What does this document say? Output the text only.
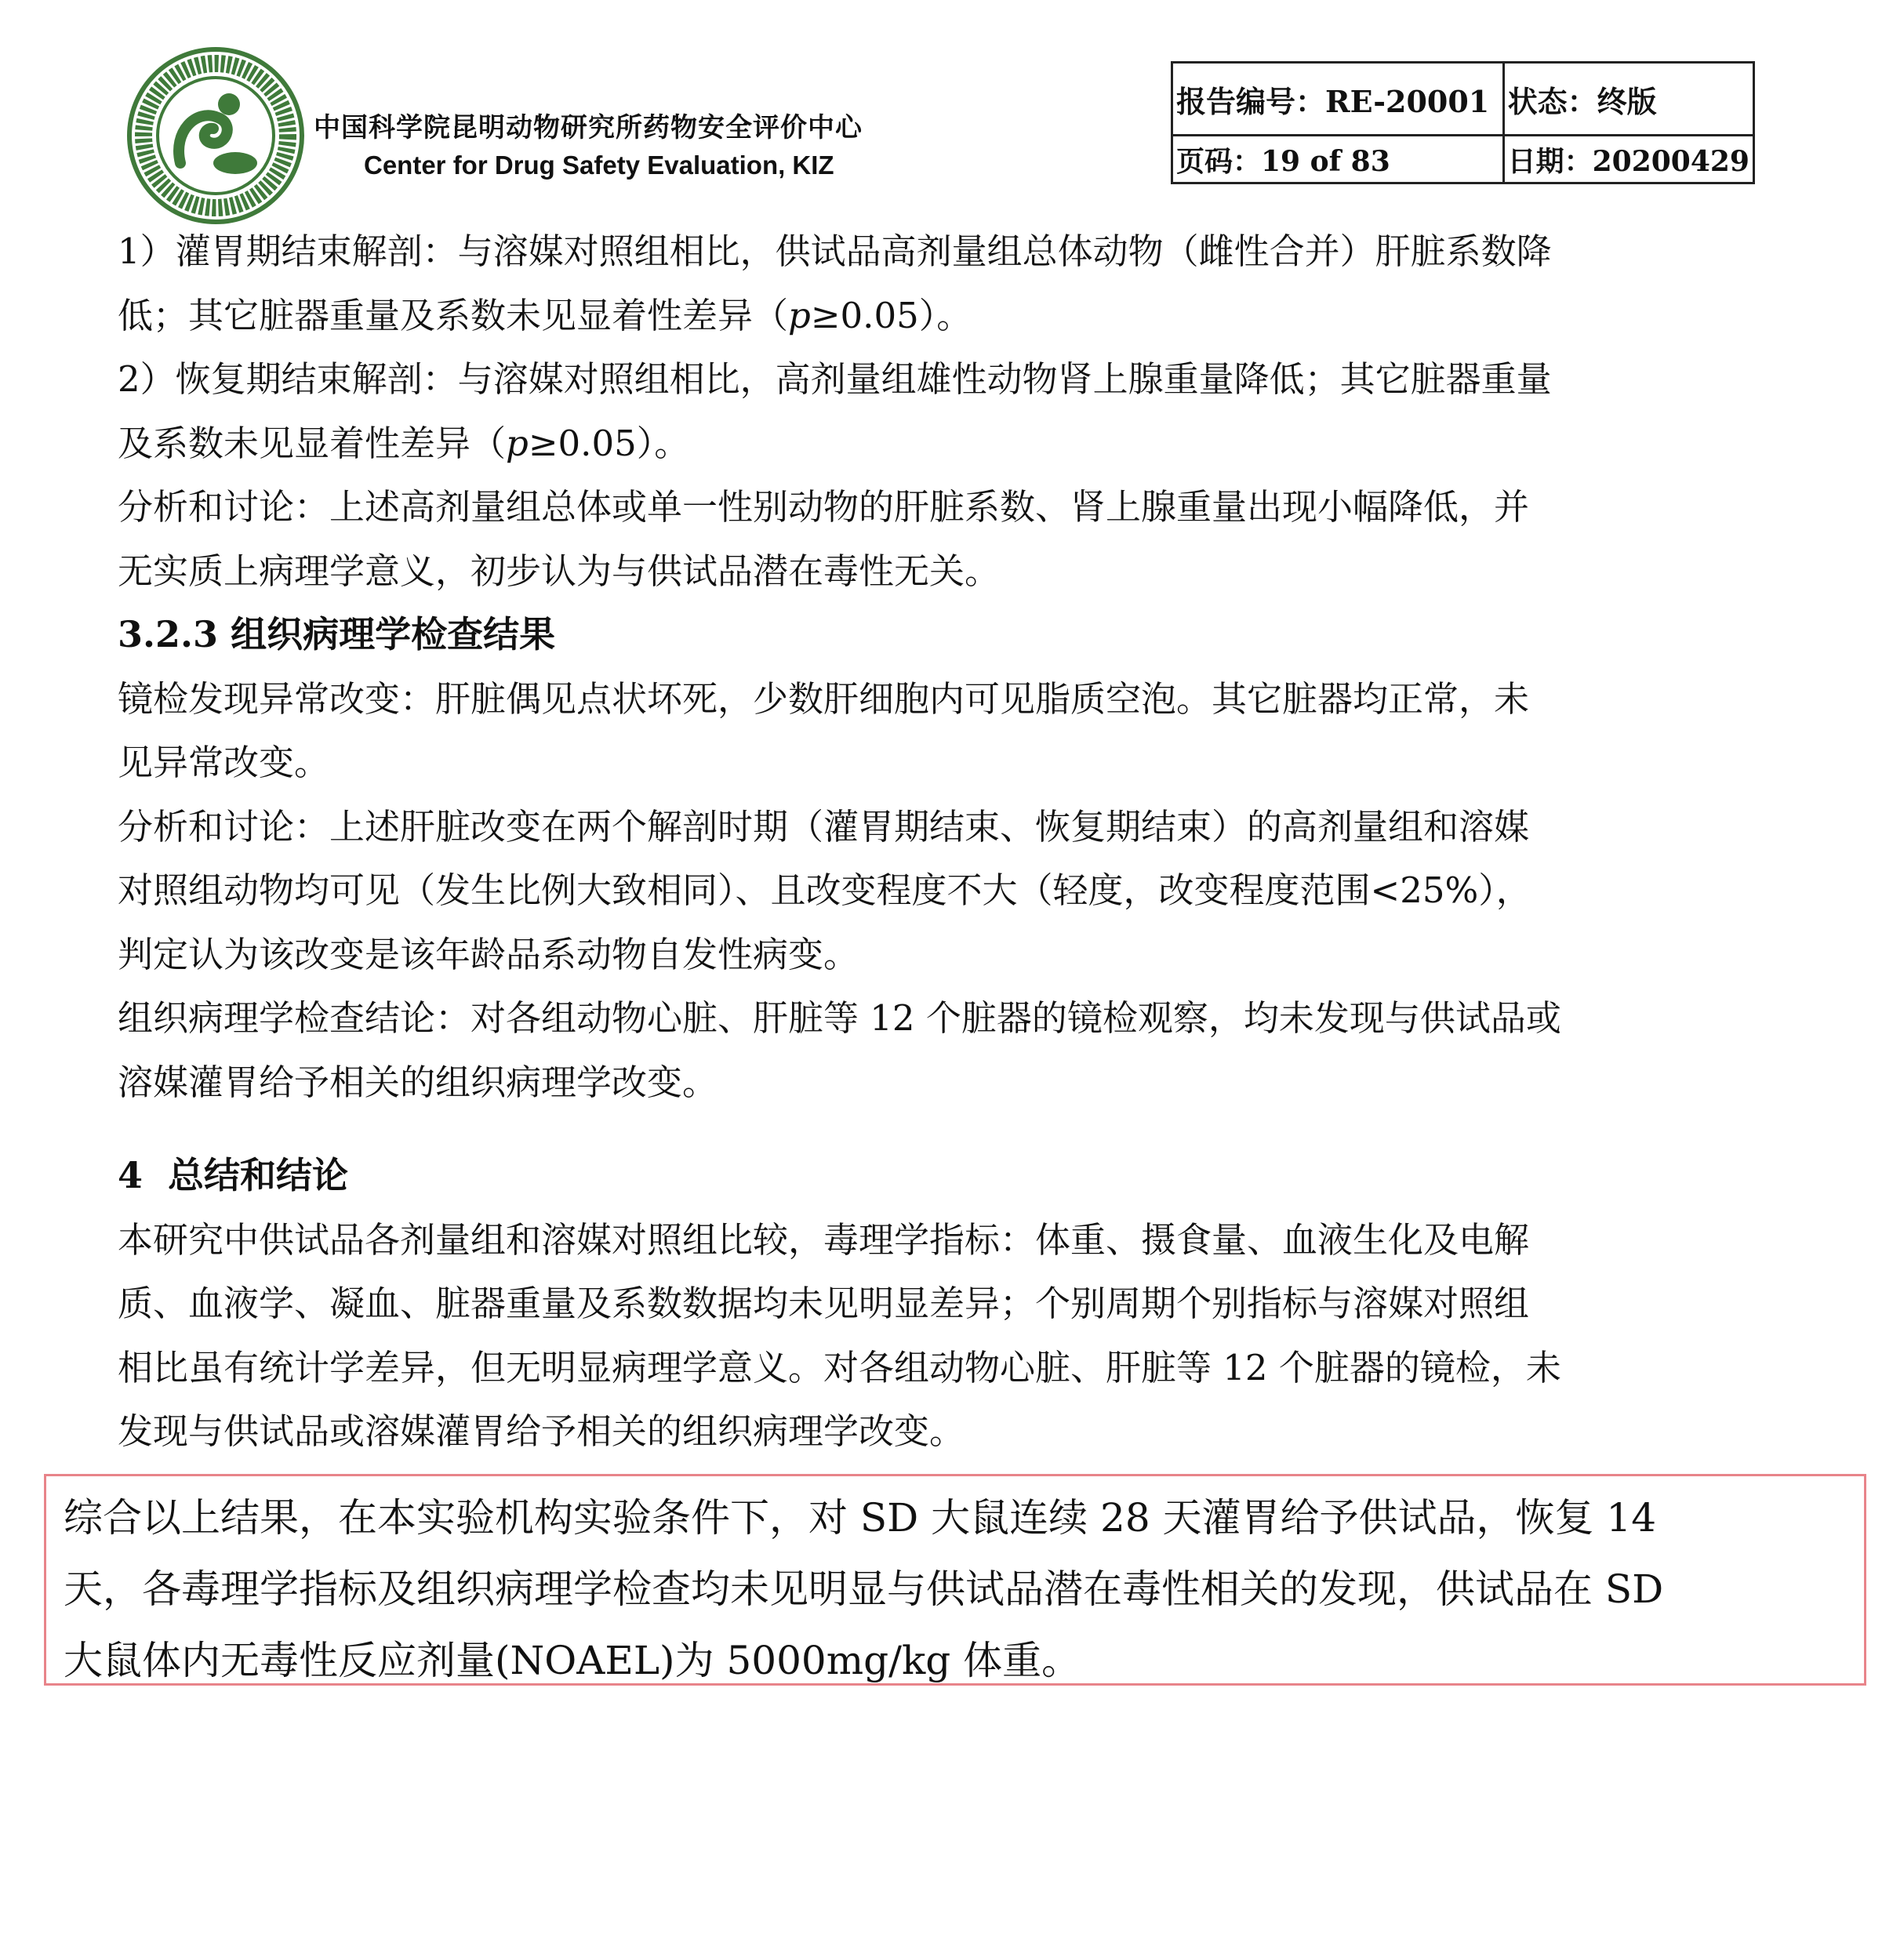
中国科学院昆明动物研究所药物安全评价中心
Center for Drug Safety Evaluation, KIZ
报告编号：RE-20001	状态：终版
页码：19 of 83	日期：20200429

1）灌胃期结束解剖：与溶媒对照组相比，供试品高剂量组总体动物（雌性合并）肝脏系数降
低；其它脏器重量及系数未见显着性差异（p≥0.05）。

2）恢复期结束解剖：与溶媒对照组相比，高剂量组雄性动物肾上腺重量降低；其它脏器重量
及系数未见显着性差异（p≥0.05）。

分析和讨论：上述高剂量组总体或单一性别动物的肝脏系数、肾上腺重量出现小幅降低，并
无实质上病理学意义，初步认为与供试品潜在毒性无关。

3.2.3 组织病理学检查结果

镜检发现异常改变：肝脏偶见点状坏死，少数肝细胞内可见脂质空泡。其它脏器均正常，未
见异常改变。

分析和讨论：上述肝脏改变在两个解剖时期（灌胃期结束、恢复期结束）的高剂量组和溶媒
对照组动物均可见（发生比例大致相同）、且改变程度不大（轻度，改变程度范围<25%），
判定认为该改变是该年龄品系动物自发性病变。

组织病理学检查结论：对各组动物心脏、肝脏等 12 个脏器的镜检观察，均未发现与供试品或
溶媒灌胃给予相关的组织病理学改变。

4 总结和结论

本研究中供试品各剂量组和溶媒对照组比较，毒理学指标：体重、摄食量、血液生化及电解
质、血液学、凝血、脏器重量及系数数据均未见明显差异；个别周期个别指标与溶媒对照组
相比虽有统计学差异，但无明显病理学意义。对各组动物心脏、肝脏等 12 个脏器的镜检，未
发现与供试品或溶媒灌胃给予相关的组织病理学改变。

综合以上结果，在本实验机构实验条件下，对 SD 大鼠连续 28 天灌胃给予供试品，恢复 14
天，各毒理学指标及组织病理学检查均未见明显与供试品潜在毒性相关的发现，供试品在 SD
大鼠体内无毒性反应剂量(NOAEL)为 5000mg/kg 体重。
